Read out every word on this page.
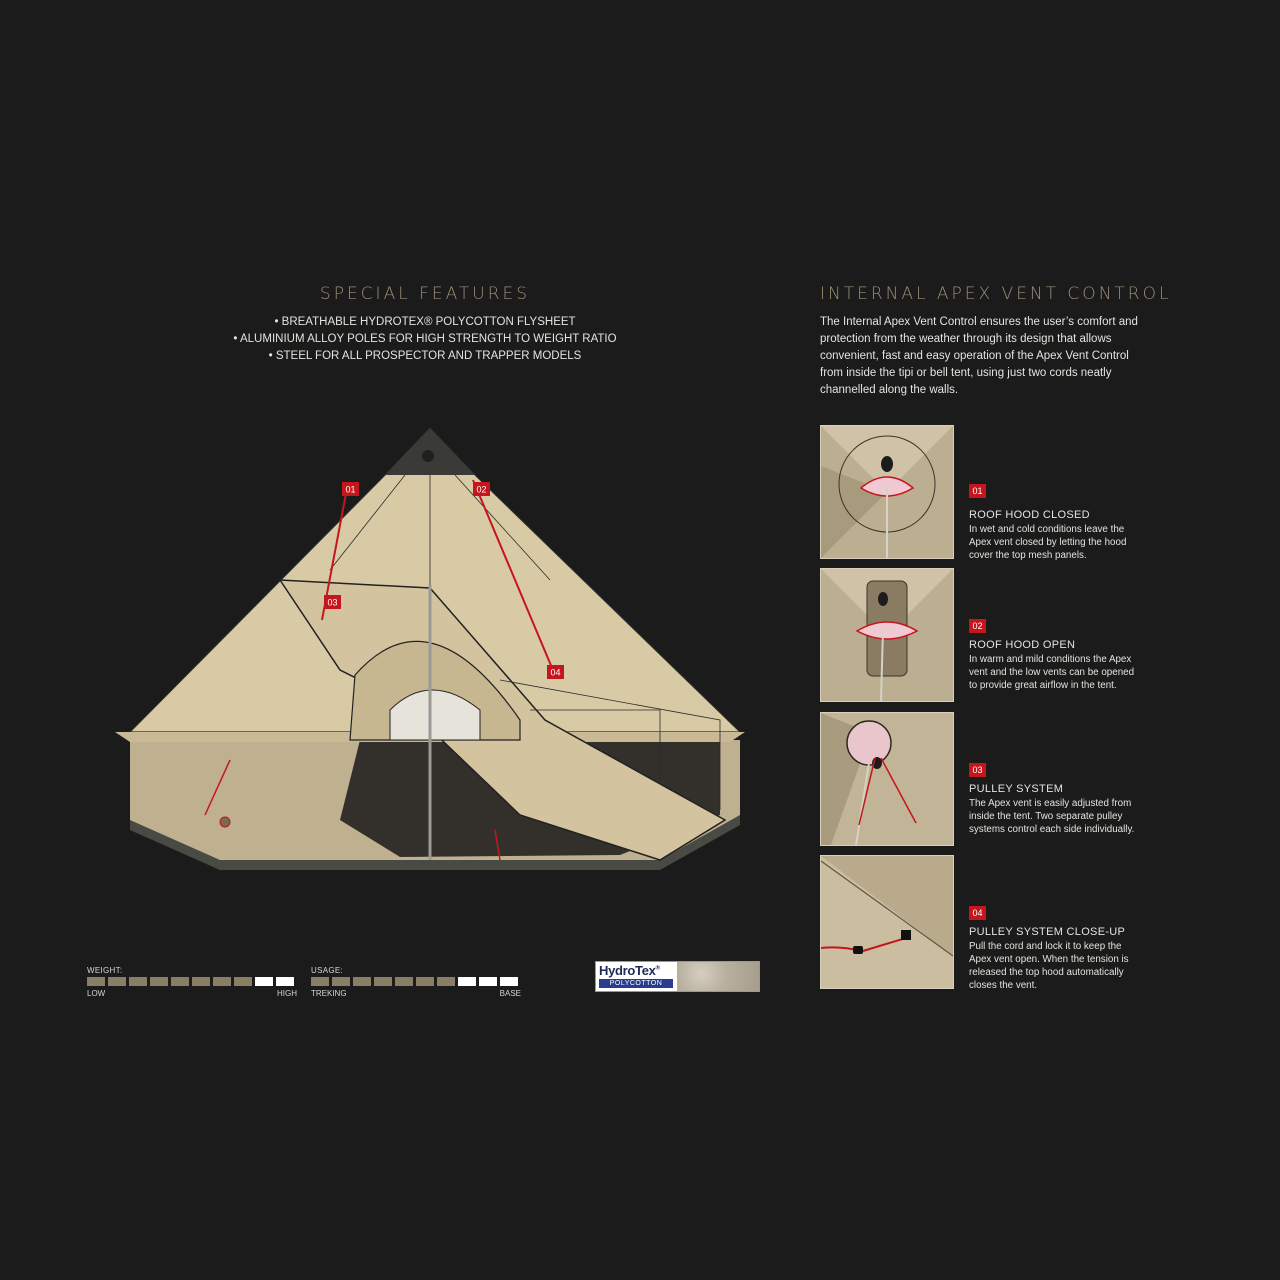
SPECIAL FEATURES
• BREATHABLE HYDROTEX® POLYCOTTON FLYSHEET
• ALUMINIUM ALLOY POLES FOR HIGH STRENGTH TO WEIGHT RATIO
• STEEL FOR ALL PROSPECTOR AND TRAPPER MODELS
INTERNAL APEX VENT CONTROL

The Internal Apex Vent Control ensures the user’s comfort and protection from the weather through its design that allows convenient, fast and easy operation of the Apex Vent Control from inside the tipi or bell tent, using just two cords neatly channelled along the walls.

01	02
03
04
01
ROOF HOOD CLOSED
In wet and cold conditions leave the Apex vent closed by letting the hood cover the top mesh panels.
02
ROOF HOOD OPEN
In warm and mild conditions the Apex vent and the low vents can be opened to provide great airflow in the tent.
03
PULLEY SYSTEM
The Apex vent is easily adjusted from inside the tent. Two separate pulley systems control each side individually.
04
PULLEY SYSTEM CLOSE-UP
Pull the cord and lock it to keep the Apex vent open. When the tension is released the top hood automatically closes the vent.
WEIGHT:
LOW	HIGH
USAGE:
TREKING	BASE
HydroTex®
POLYCOTTON
